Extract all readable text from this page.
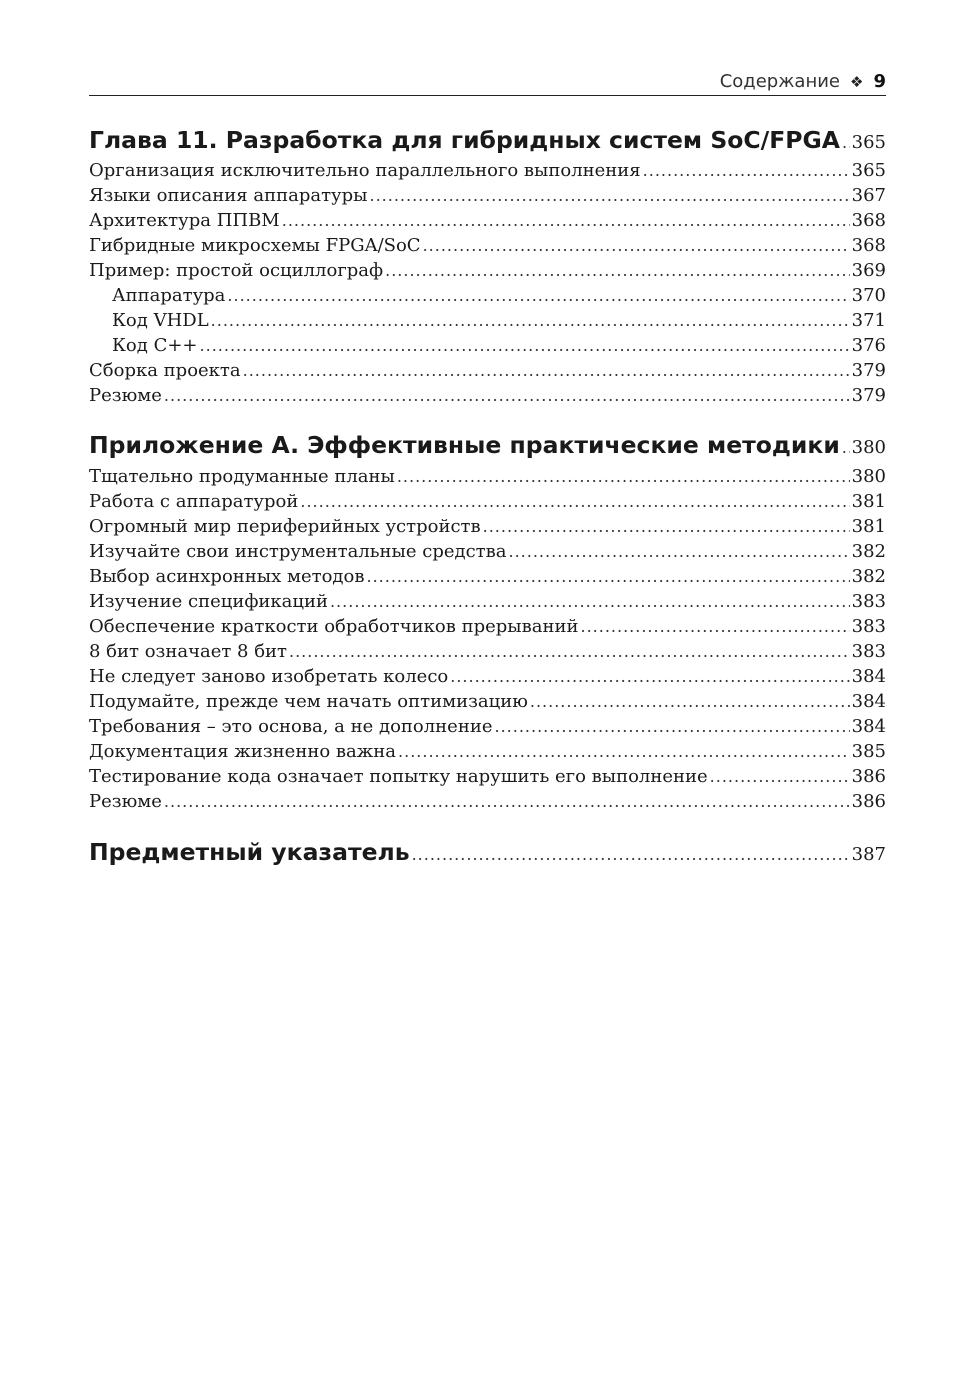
Содержание ❖ 9
Глава 11. Разработка для гибридных систем SoC/FPGA ..... 365
Организация исключительно параллельного выполнения .....	365
Языки описания аппаратуры .....	367
Архитектура ППВМ .....	368
Гибридные микросхемы FPGA/SoC .....	368
Пример: простой осциллограф .....	369
Аппаратура .....	370
Код VHDL .....	371
Код C++ .....	376
Сборка проекта .....	379
Резюме .....	379
Приложение A. Эффективные практические методики ..... 380
Тщательно продуманные планы .....	380
Работа с аппаратурой .....	381
Огромный мир периферийных устройств .....	381
Изучайте свои инструментальные средства .....	382
Выбор асинхронных методов .....	382
Изучение спецификаций .....	383
Обеспечение краткости обработчиков прерываний .....	383
8 бит означает 8 бит .....	383
Не следует заново изобретать колесо .....	384
Подумайте, прежде чем начать оптимизацию .....	384
Требования – это основа, а не дополнение .....	384
Документация жизненно важна .....	385
Тестирование кода означает попытку нарушить его выполнение .....	386
Резюме .....	386
Предметный указатель .....	387
